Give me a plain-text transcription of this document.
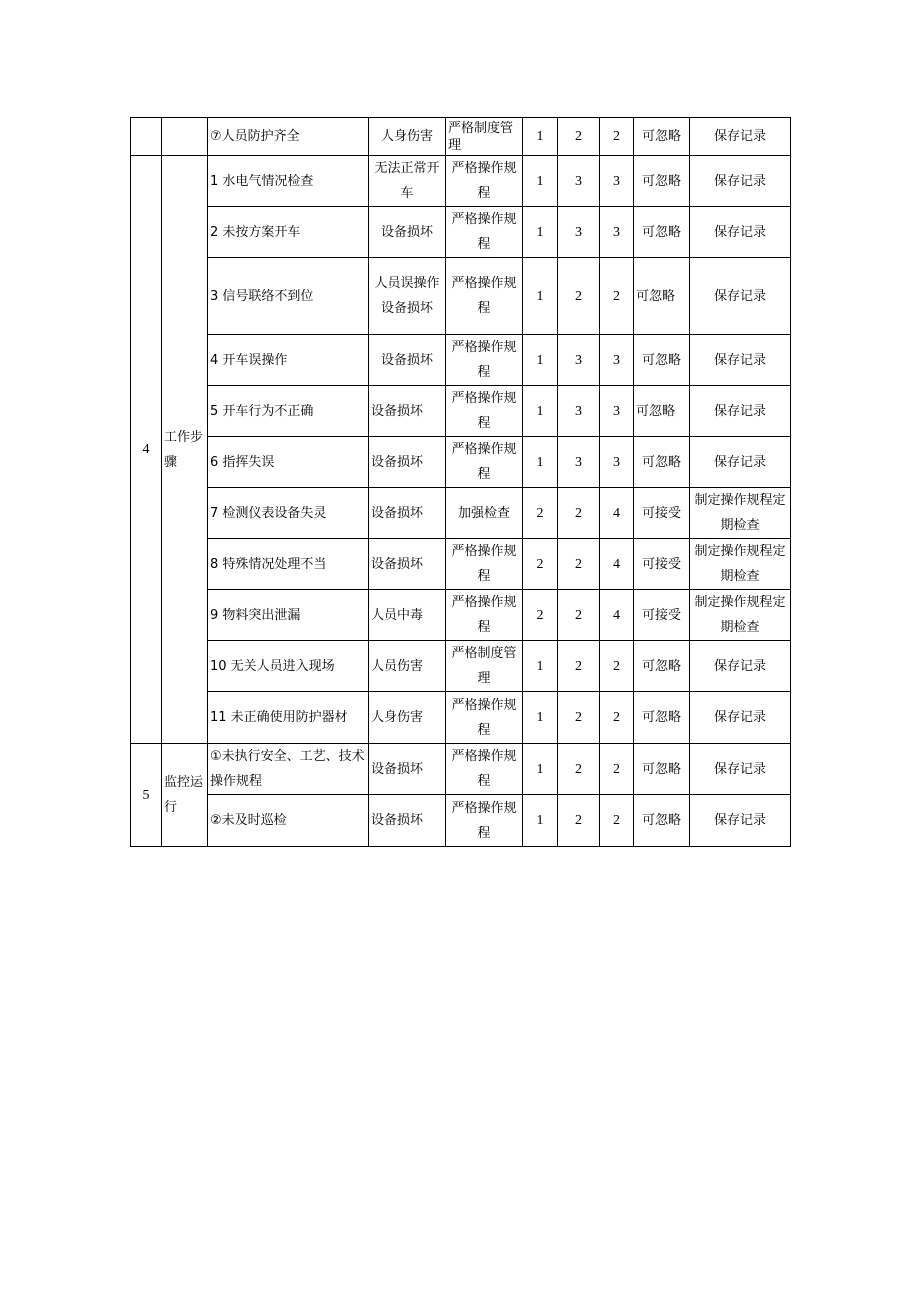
		⑦人员防护齐全	人身伤害	严格制度管理	1	2	2	可忽略	保存记录
4	工作步骤	1 水电气情况检查	无法正常开车	严格操作规程	1	3	3	可忽略	保存记录
		2 未按方案开车	设备损坏	严格操作规程	1	3	3	可忽略	保存记录
		3 信号联络不到位	人员误操作设备损坏	严格操作规程	1	2	2	可忽略	保存记录
		4 开车误操作	设备损坏	严格操作规程	1	3	3	可忽略	保存记录
		5 开车行为不正确	设备损坏	严格操作规程	1	3	3	可忽略	保存记录
		6 指挥失误	设备损坏	严格操作规程	1	3	3	可忽略	保存记录
		7 检测仪表设备失灵	设备损坏	加强检查	2	2	4	可接受	制定操作规程定期检查
		8 特殊情况处理不当	设备损坏	严格操作规程	2	2	4	可接受	制定操作规程定期检查
		9 物料突出泄漏	人员中毒	严格操作规程	2	2	4	可接受	制定操作规程定期检查
		10 无关人员进入现场	人员伤害	严格制度管理	1	2	2	可忽略	保存记录
		11 未正确使用防护器材	人身伤害	严格操作规程	1	2	2	可忽略	保存记录
5	监控运行	①未执行安全、工艺、技术操作规程	设备损坏	严格操作规程	1	2	2	可忽略	保存记录
		②未及时巡检	设备损坏	严格操作规程	1	2	2	可忽略	保存记录
